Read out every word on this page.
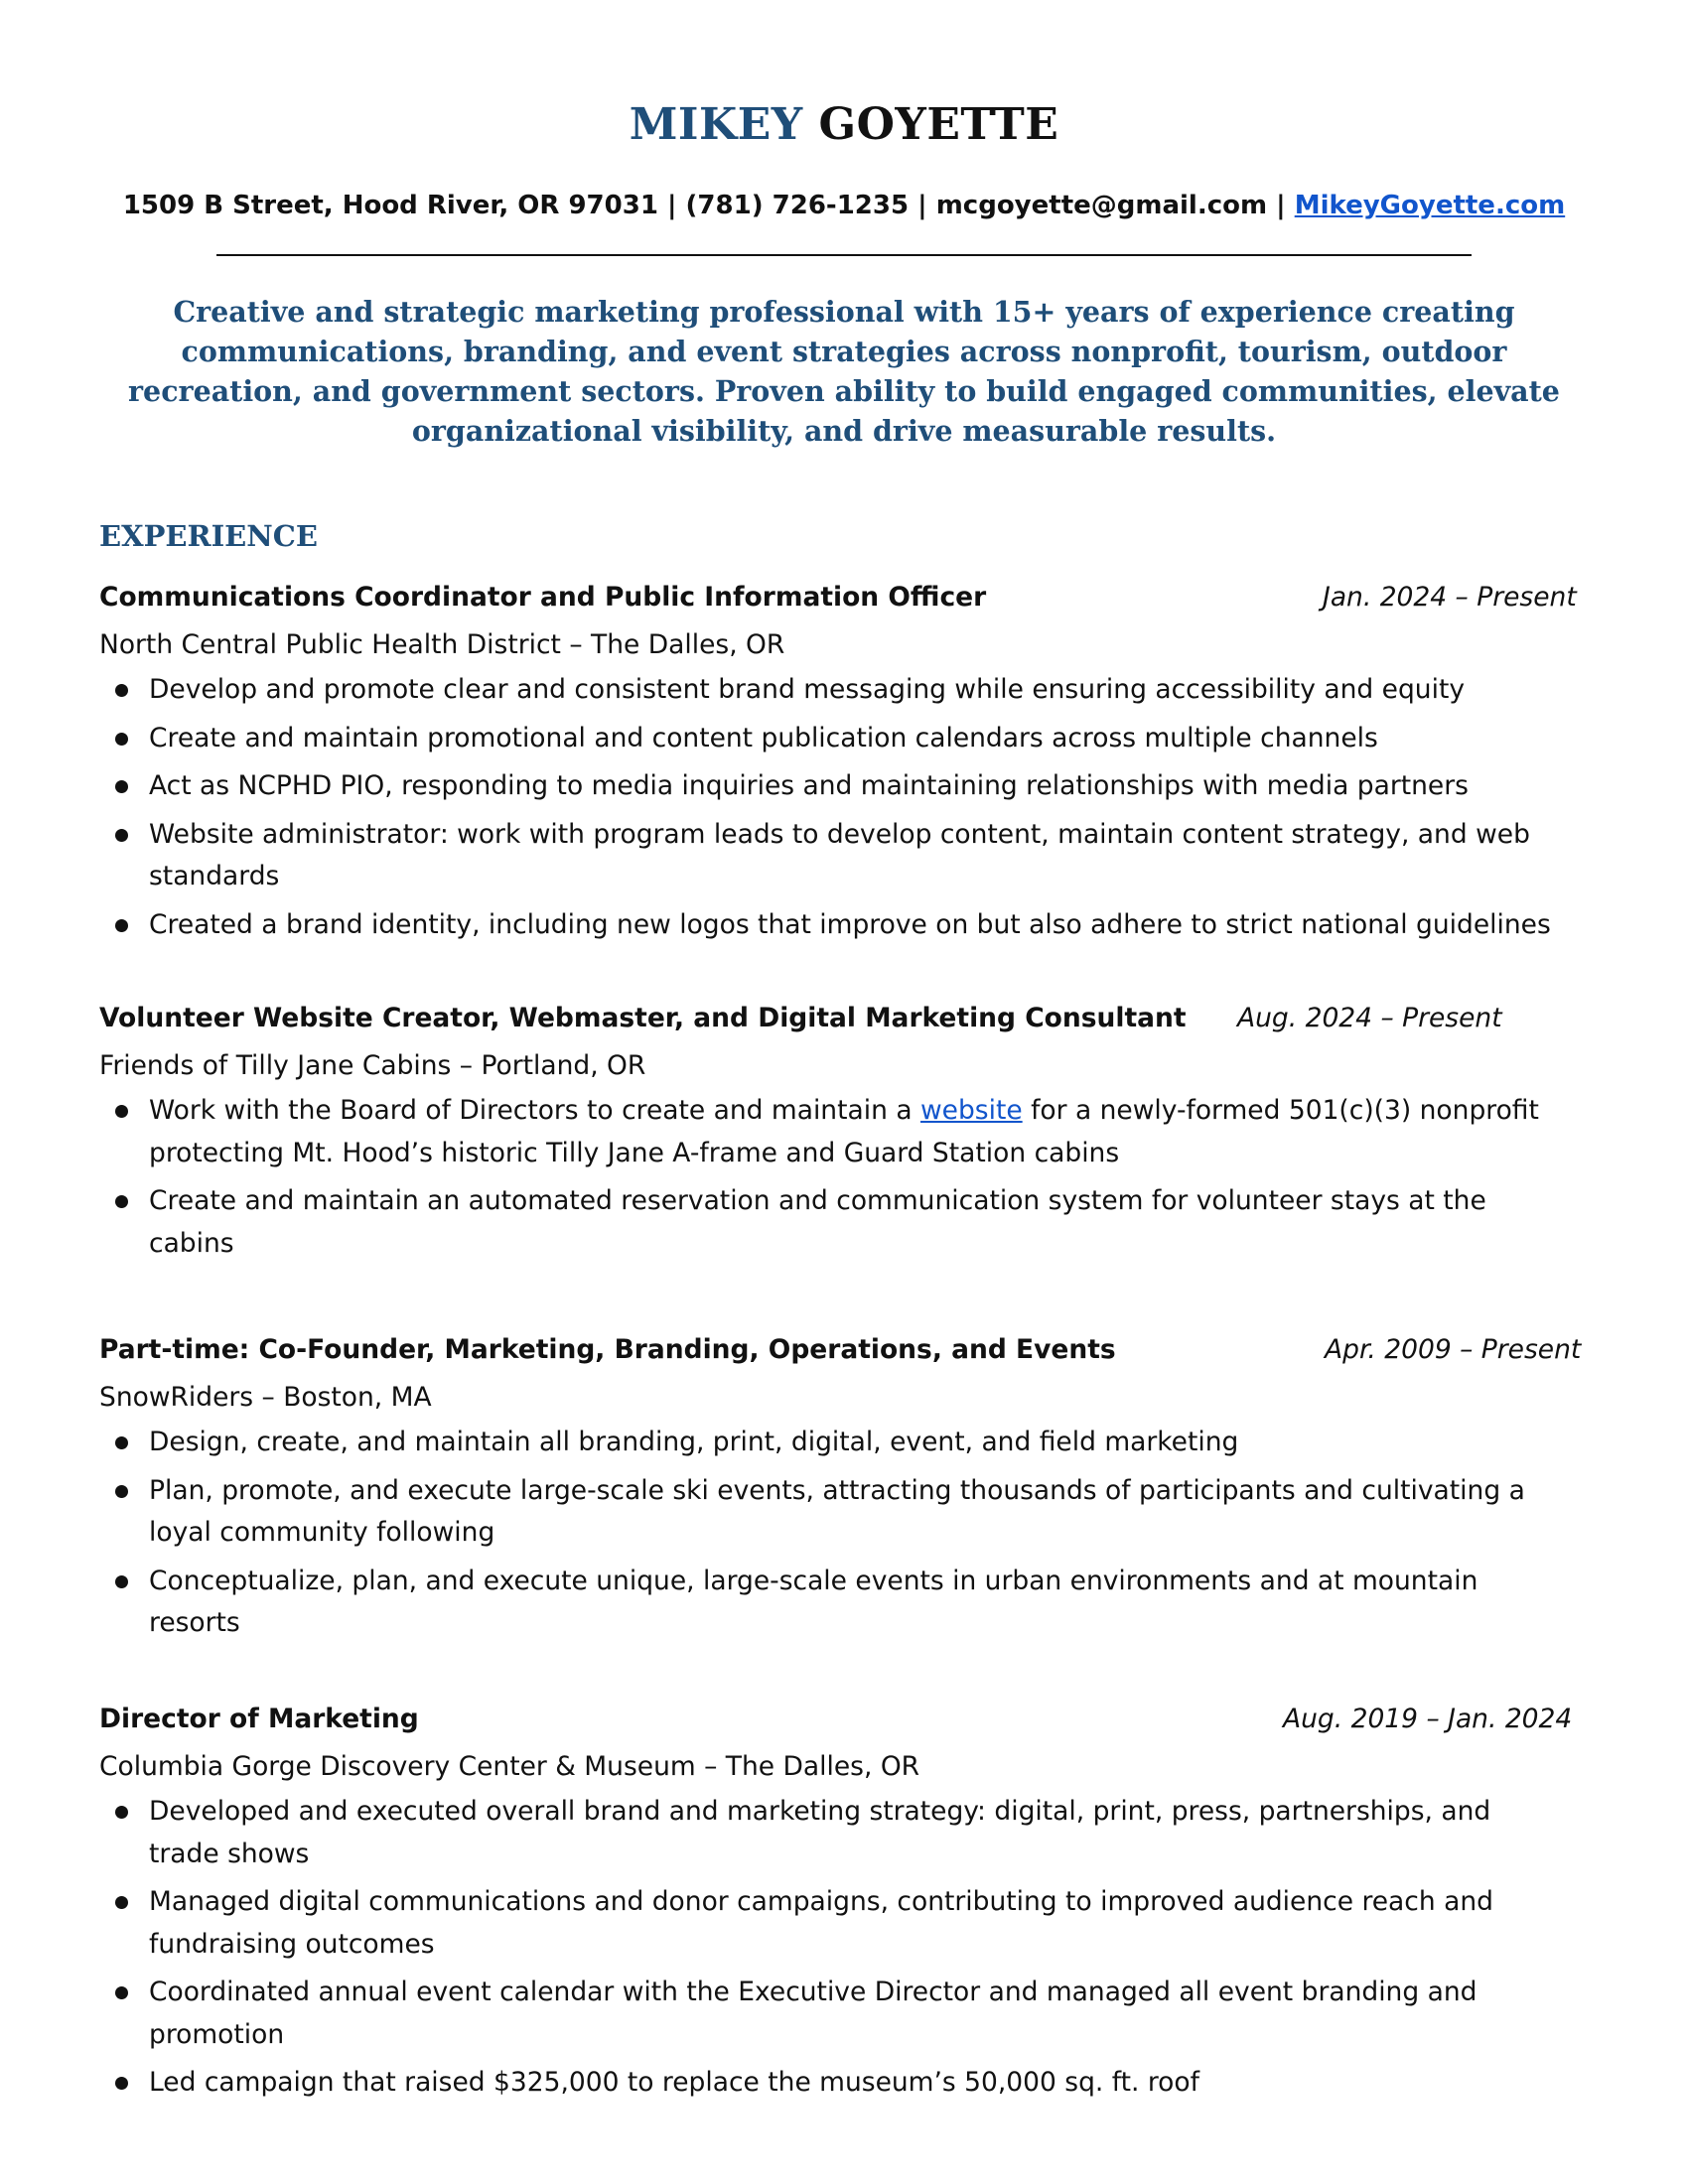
MIKEY GOYETTE
1509 B Street, Hood River, OR 97031 | (781) 726-1235 | mcgoyette@gmail.com | MikeyGoyette.com
Creative and strategic marketing professional with 15+ years of experience creating communications, branding, and event strategies across nonprofit, tourism, outdoor recreation, and government sectors. Proven ability to build engaged communities, elevate organizational visibility, and drive measurable results.
EXPERIENCE
Communications Coordinator and Public Information Officer	Jan. 2024 – Present
North Central Public Health District – The Dalles, OR
Develop and promote clear and consistent brand messaging while ensuring accessibility and equity
Create and maintain promotional and content publication calendars across multiple channels
Act as NCPHD PIO, responding to media inquiries and maintaining relationships with media partners
Website administrator: work with program leads to develop content, maintain content strategy, and web standards
Created a brand identity, including new logos that improve on but also adhere to strict national guidelines
Volunteer Website Creator, Webmaster, and Digital Marketing Consultant Aug. 2024 – Present
Friends of Tilly Jane Cabins – Portland, OR
Work with the Board of Directors to create and maintain a website for a newly-formed 501(c)(3) nonprofit protecting Mt. Hood’s historic Tilly Jane A-frame and Guard Station cabins
Create and maintain an automated reservation and communication system for volunteer stays at the cabins
Part-time: Co-Founder, Marketing, Branding, Operations, and Events	Apr. 2009 – Present
SnowRiders – Boston, MA
Design, create, and maintain all branding, print, digital, event, and field marketing
Plan, promote, and execute large-scale ski events, attracting thousands of participants and cultivating a loyal community following
Conceptualize, plan, and execute unique, large-scale events in urban environments and at mountain resorts
Director of Marketing	Aug. 2019 – Jan. 2024
Columbia Gorge Discovery Center & Museum – The Dalles, OR
Developed and executed overall brand and marketing strategy: digital, print, press, partnerships, and trade shows
Managed digital communications and donor campaigns, contributing to improved audience reach and fundraising outcomes
Coordinated annual event calendar with the Executive Director and managed all event branding and promotion
Led campaign that raised $325,000 to replace the museum’s 50,000 sq. ft. roof
